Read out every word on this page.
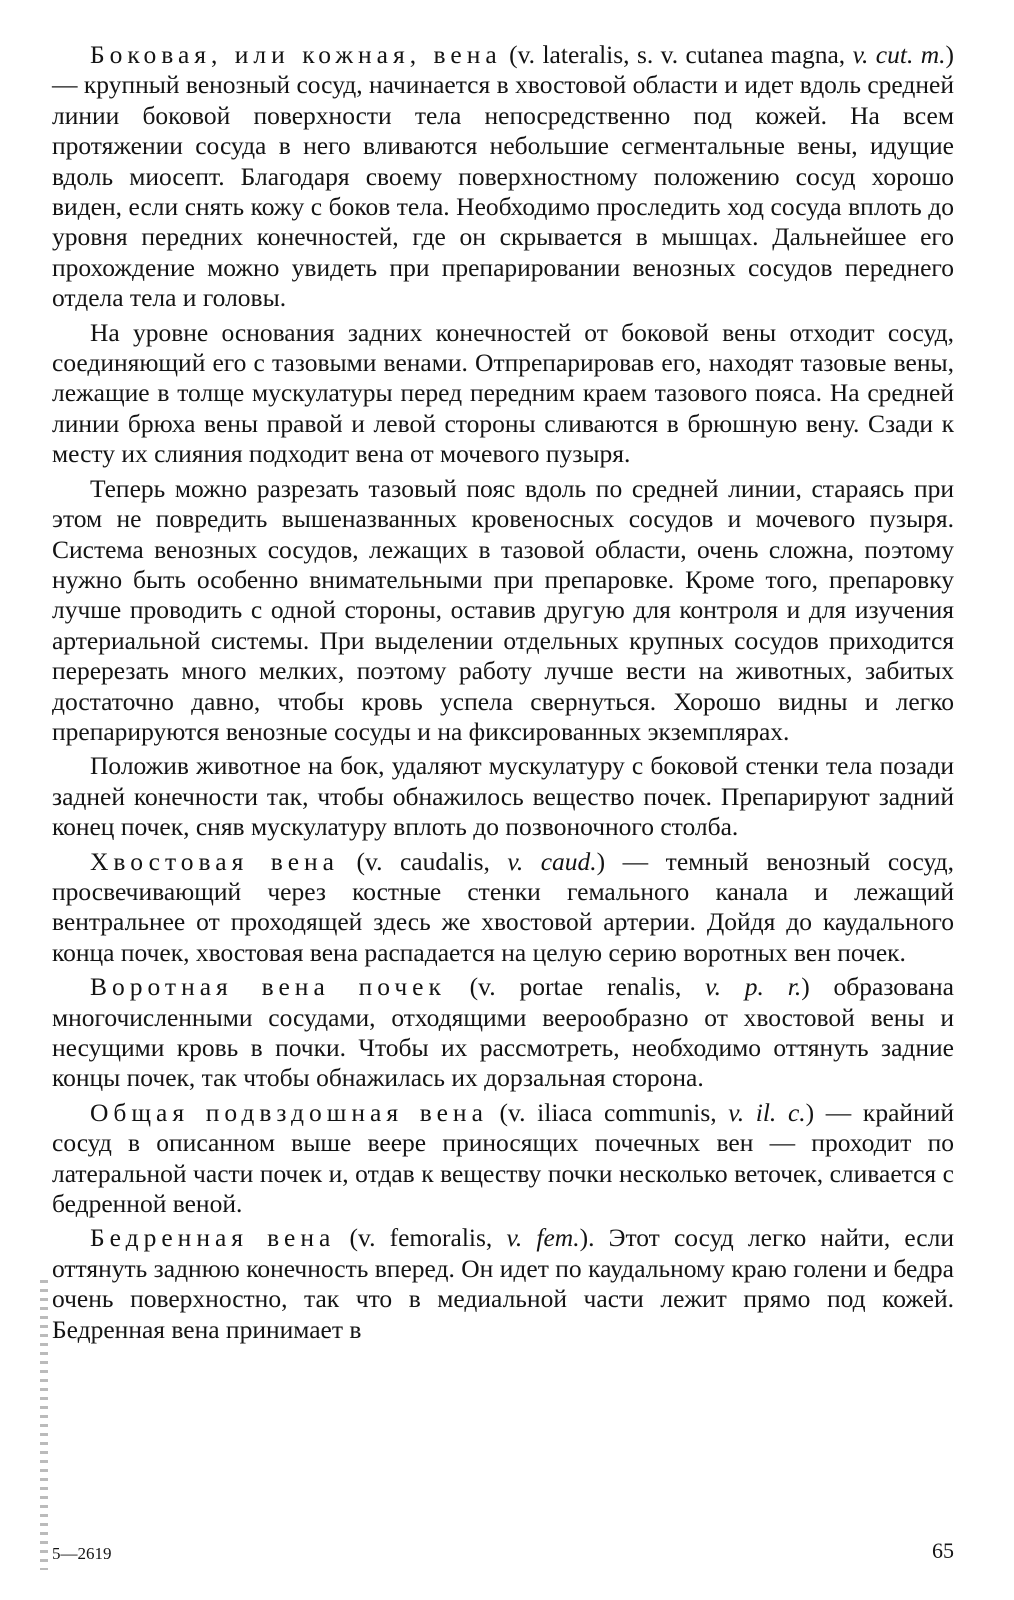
Боковая, или кожная, вена (v. lateralis, s. v. cutanea magna, v. cut. m.) — крупный венозный сосуд, начинается в хвостовой области и идет вдоль средней линии боковой поверхности тела непосредственно под кожей. На всем протяжении сосуда в него вливаются небольшие сегментальные вены, идущие вдоль миосепт. Благодаря своему поверхностному положению сосуд хорошо виден, если снять кожу с боков тела. Необходимо проследить ход сосуда вплоть до уровня передних конечностей, где он скрывается в мышцах. Дальнейшее его прохождение можно увидеть при препарировании венозных сосудов переднего отдела тела и головы.

На уровне основания задних конечностей от боковой вены отходит сосуд, соединяющий его с тазовыми венами. Отпрепарировав его, находят тазовые вены, лежащие в толще мускулатуры перед передним краем тазового пояса. На средней линии брюха вены правой и левой стороны сливаются в брюшную вену. Сзади к месту их слияния подходит вена от мочевого пузыря.

Теперь можно разрезать тазовый пояс вдоль по средней линии, стараясь при этом не повредить вышеназванных кровеносных сосудов и мочевого пузыря. Система венозных сосудов, лежащих в тазовой области, очень сложна, поэтому нужно быть особенно внимательными при препаровке. Кроме того, препаровку лучше проводить с одной стороны, оставив другую для контроля и для изучения артериальной системы. При выделении отдельных крупных сосудов приходится перерезать много мелких, поэтому работу лучше вести на животных, забитых достаточно давно, чтобы кровь успела свернуться. Хорошо видны и легко препарируются венозные сосуды и на фиксированных экземплярах.

Положив животное на бок, удаляют мускулатуру с боковой стенки тела позади задней конечности так, чтобы обнажилось вещество почек. Препарируют задний конец почек, сняв мускулатуру вплоть до позвоночного столба.

Хвостовая вена (v. caudalis, v. caud.) — темный венозный сосуд, просвечивающий через костные стенки гемального канала и лежащий вентральнее от проходящей здесь же хвостовой артерии. Дойдя до каудального конца почек, хвостовая вена распадается на целую серию воротных вен почек.

Воротная вена почек (v. portae renalis, v. p. r.) образована многочисленными сосудами, отходящими веерообразно от хвостовой вены и несущими кровь в почки. Чтобы их рассмотреть, необходимо оттянуть задние концы почек, так чтобы обнажилась их дорзальная сторона.

Общая подвздошная вена (v. iliaca communis, v. il. c.) — крайний сосуд в описанном выше веере приносящих почечных вен — проходит по латеральной части почек и, отдав к веществу почки несколько веточек, сливается с бедренной веной.

Бедренная вена (v. femoralis, v. fem.). Этот сосуд легко найти, если оттянуть заднюю конечность вперед. Он идет по каудальному краю голени и бедра очень поверхностно, так что в медиальной части лежит прямо под кожей. Бедренная вена принимает в

5—2619	65
